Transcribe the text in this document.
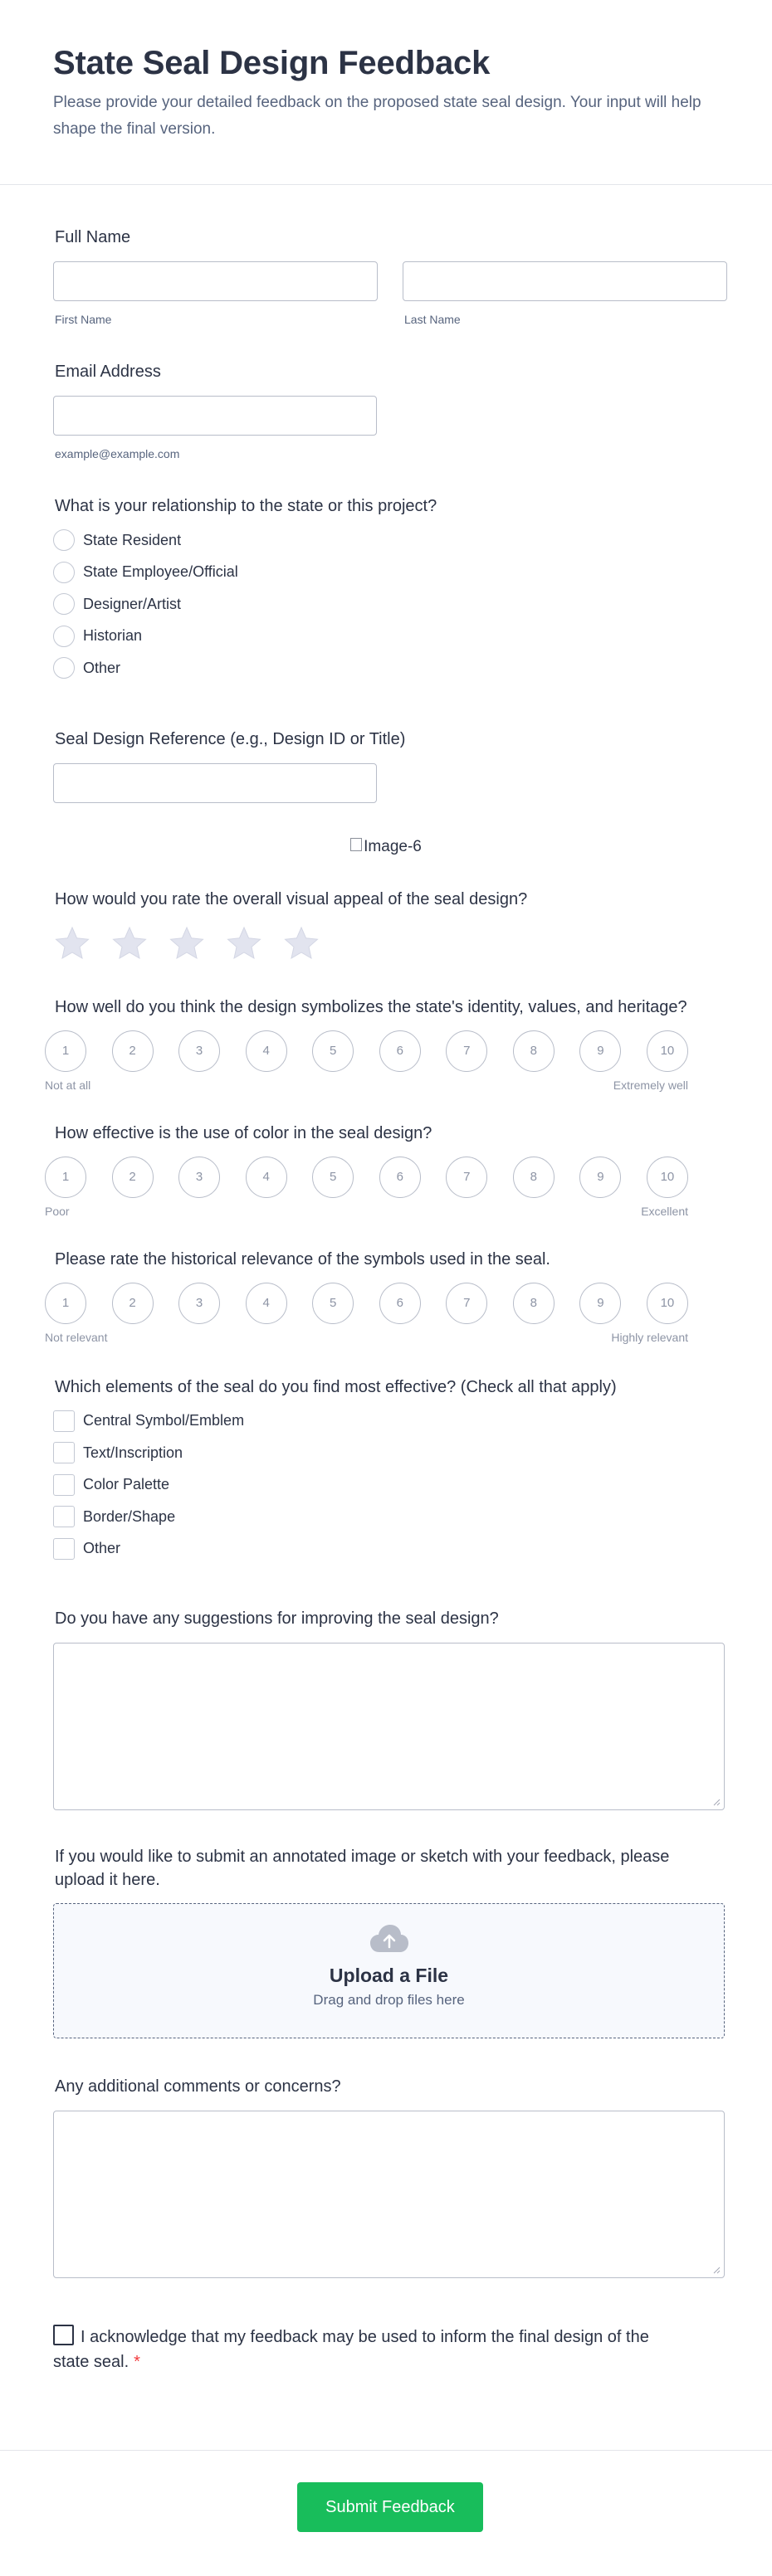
State Seal Design Feedback

Please provide your detailed feedback on the proposed state seal design. Your input will help shape the final version.

Full Name
First Name	Last Name
Email Address
example@example.com
What is your relationship to the state or this project?
State Resident
State Employee/Official
Designer/Artist
Historian
Other
Seal Design Reference (e.g., Design ID or Title)
Image-6
How would you rate the overall visual appeal of the seal design?
How well do you think the design symbolizes the state's identity, values, and heritage?
1	2	3	4	5	6	7	8	9	10
Not at all	Extremely well
How effective is the use of color in the seal design?
1	2	3	4	5	6	7	8	9	10
Poor	Excellent
Please rate the historical relevance of the symbols used in the seal.
1	2	3	4	5	6	7	8	9	10
Not relevant	Highly relevant
Which elements of the seal do you find most effective? (Check all that apply)
Central Symbol/Emblem
Text/Inscription
Color Palette
Border/Shape
Other
Do you have any suggestions for improving the seal design?
If you would like to submit an annotated image or sketch with your feedback, please upload it here.
Upload a File
Drag and drop files here
Any additional comments or concerns?
I acknowledge that my feedback may be used to inform the final design of the state seal. *
Submit Feedback
